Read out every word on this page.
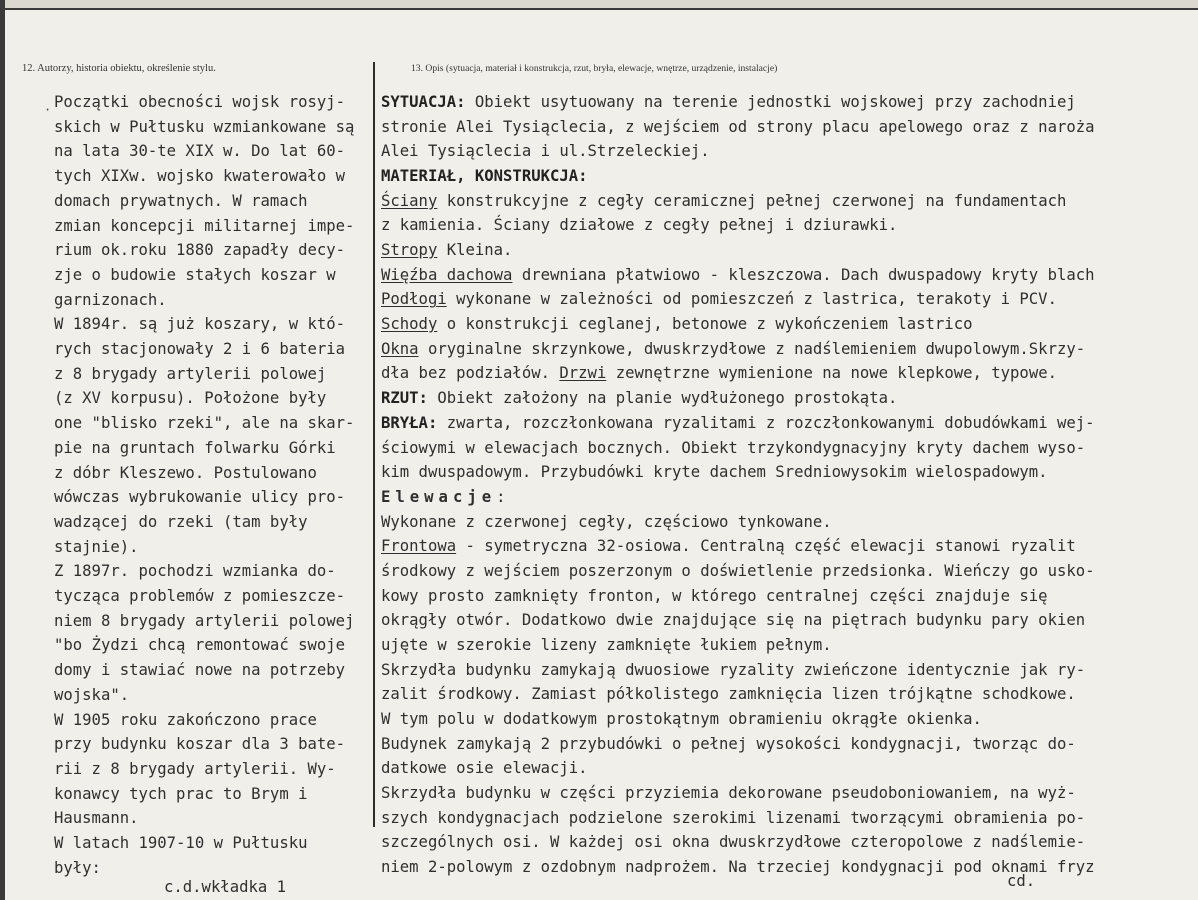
12. Autorzy, historia obiektu, określenie stylu.	13. Opis (sytuacja, materiał i konstrukcja, rzut, bryła, elewacje, wnętrze, urządzenie, instalacje)
· Początki obecności wojsk rosyj-
skich w Pułtusku wzmiankowane są
na lata 30-te XIX w. Do lat 60-
tych XIXw. wojsko kwaterowało w
domach prywatnych. W ramach
zmian koncepcji militarnej impe-
rium ok.roku 1880 zapadły decy-
zje o budowie stałych koszar w
garnizonach.
W 1894r. są już koszary, w któ-
rych stacjonowały 2 i 6 bateria
z 8 brygady artylerii polowej
(z XV korpusu). Położone były
one "blisko rzeki", ale na skar-
pie na gruntach folwarku Górki
z dóbr Kleszewo. Postulowano
wówczas wybrukowanie ulicy pro-
wadzącej do rzeki (tam były
stajnie).
Z 1897r. pochodzi wzmianka do-
tycząca problemów z pomieszcze-
niem 8 brygady artylerii polowej
"bo Żydzi chcą remontować swoje
domy i stawiać nowe na potrzeby
wojska".
W 1905 roku zakończono prace
przy budynku koszar dla 3 bate-
rii z 8 brygady artylerii. Wy-
konawcy tych prac to Brym i
Hausmann.
W latach 1907-10 w Pułtusku
były:
c.d.wkładka 1
SYTUACJA: Obiekt usytuowany na terenie jednostki wojskowej przy zachodniej
stronie Alei Tysiąclecia, z wejściem od strony placu apelowego oraz z naroża
Alei Tysiąclecia i ul.Strzeleckiej.
MATERIAŁ, KONSTRUKCJA:
Ściany konstrukcyjne z cegły ceramicznej pełnej czerwonej na fundamentach
z kamienia. Ściany działowe z cegły pełnej i dziurawki.
Stropy Kleina.
Więźba dachowa drewniana płatwiowo - kleszczowa. Dach dwuspadowy kryty blach
Podłogi wykonane w zależności od pomieszczeń z lastrica, terakoty i PCV.
Schody o konstrukcji ceglanej, betonowe z wykończeniem lastrico
Okna oryginalne skrzynkowe, dwuskrzydłowe z nadślemieniem dwupolowym.Skrzy-
dła bez podziałów. Drzwi zewnętrzne wymienione na nowe klepkowe, typowe.
RZUT: Obiekt założony na planie wydłużonego prostokąta.
BRYŁA: zwarta, rozczłonkowana ryzalitami z rozczłonkowanymi dobudówkami wej-
ściowymi w elewacjach bocznych. Obiekt trzykondygnacyjny kryty dachem wyso-
kim dwuspadowym. Przybudówki kryte dachem Sredniowysokim wielospadowym.
Elewacje:
Wykonane z czerwonej cegły, częściowo tynkowane.
Frontowa - symetryczna 32-osiowa. Centralną część elewacji stanowi ryzalit
środkowy z wejściem poszerzonym o doświetlenie przedsionka. Wieńczy go usko-
kowy prosto zamknięty fronton, w którego centralnej części znajduje się
okrągły otwór. Dodatkowo dwie znajdujące się na piętrach budynku pary okien
ujęte w szerokie lizeny zamknięte łukiem pełnym.
Skrzydła budynku zamykają dwuosiowe ryzality zwieńczone identycznie jak ry-
zalit środkowy. Zamiast półkolistego zamknięcia lizen trójkątne schodkowe.
W tym polu w dodatkowym prostokątnym obramieniu okrągłe okienka.
Budynek zamykają 2 przybudówki o pełnej wysokości kondygnacji, tworząc do-
datkowe osie elewacji.
Skrzydła budynku w części przyziemia dekorowane pseudoboniowaniem, na wyż-
szych kondygnacjach podzielone szerokimi lizenami tworzącymi obramienia po-
szczególnych osi. W każdej osi okna dwuskrzydłowe czteropolowe z nadślemie-
niem 2-polowym z ozdobnym nadprożem. Na trzeciej kondygnacji pod oknami fryz
cd.
